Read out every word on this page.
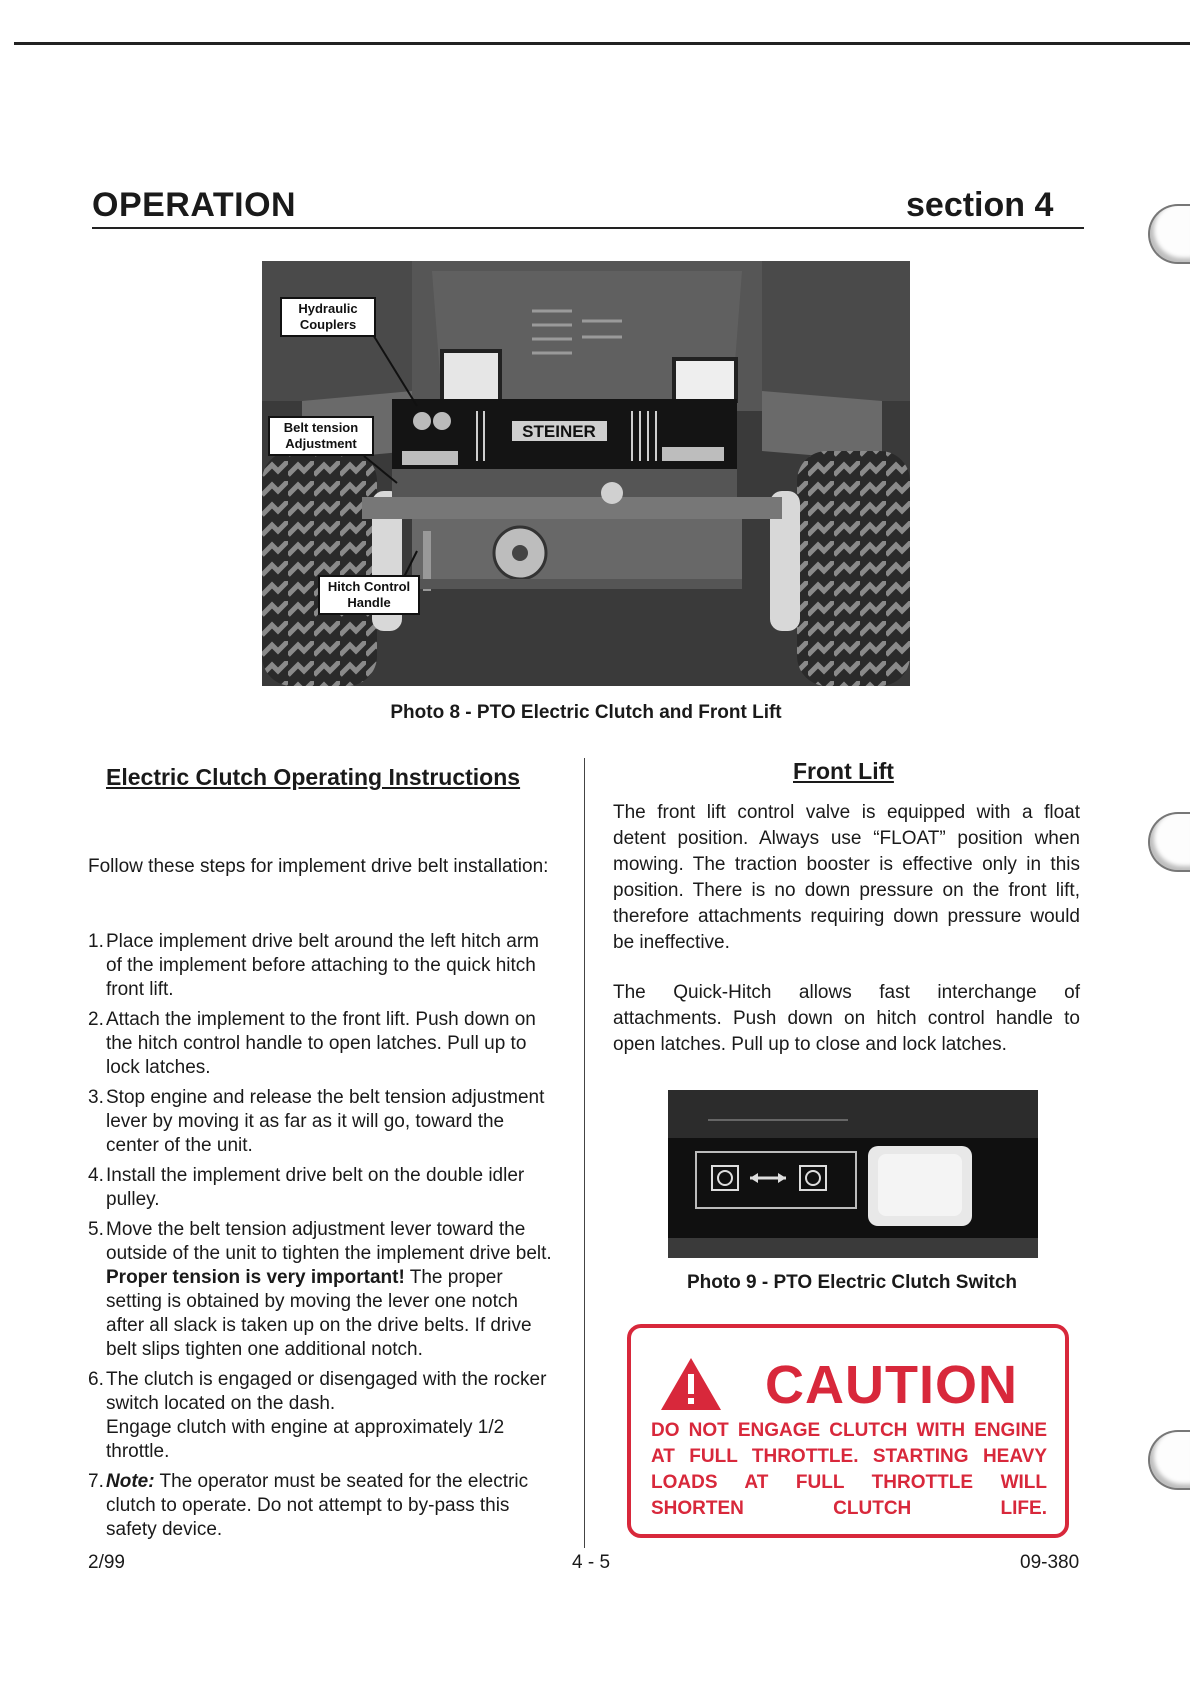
OPERATION	section 4
STEINER
Hydraulic
Couplers
Belt tension
Adjustment
Hitch Control
Handle
Photo 8 - PTO Electric Clutch and Front Lift
Electric Clutch Operating Instructions
Follow these steps for implement drive belt installation:
1. Place implement drive belt around the left hitch arm of the implement before attaching to the quick hitch front lift.
2. Attach the implement to the front lift. Push down on the hitch control handle to open latches. Pull up to lock latches.
3. Stop engine and release the belt tension adjustment lever by moving it as far as it will go, toward the center of the unit.
4. Install the implement drive belt on the double idler pulley.
5. Move the belt tension adjustment lever toward the outside of the unit to tighten the implement drive belt. Proper tension is very important! The proper setting is obtained by moving the lever one notch after all slack is taken up on the drive belts. If drive belt slips tighten one additional notch.
6. The clutch is engaged or disengaged with the rocker switch located on the dash.
Engage clutch with engine at approximately 1/2 throttle.
7. Note: The operator must be seated for the electric clutch to operate. Do not attempt to by-pass this safety device.
Front Lift
The front lift control valve is equipped with a float detent position. Always use “FLOAT” position when mowing. The traction booster is effective only in this position. There is no down pressure on the front lift, therefore attachments requiring down pressure would be ineffective.
The Quick-Hitch allows fast interchange of attachments. Push down on hitch control handle to open latches. Pull up to close and lock latches.
Photo 9 - PTO Electric Clutch Switch
CAUTION
DO NOT ENGAGE CLUTCH WITH ENGINE AT FULL THROTTLE. STARTING HEAVY LOADS AT FULL THROTTLE WILL SHORTEN CLUTCH LIFE.
2/99	4 - 5	09-380
